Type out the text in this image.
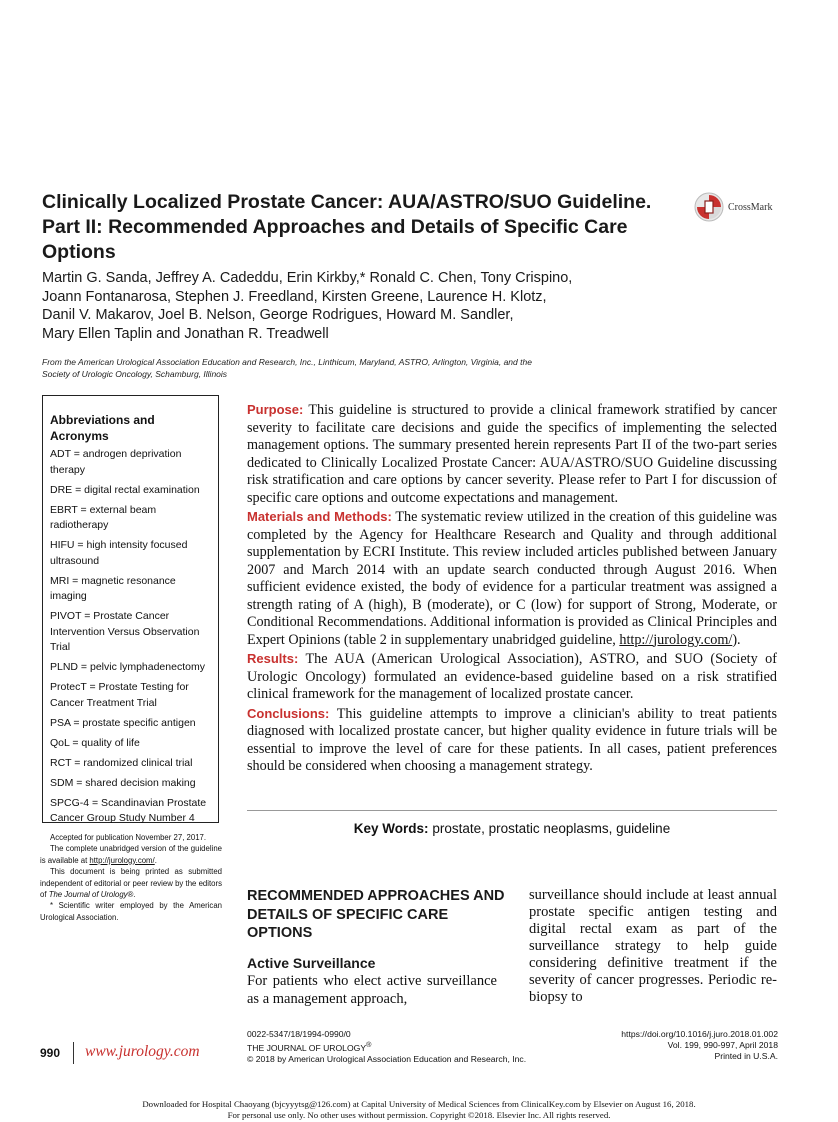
Clinically Localized Prostate Cancer: AUA/ASTRO/SUO Guideline.
Part II: Recommended Approaches and Details of Specific Care
Options
CrossMark
Martin G. Sanda, Jeffrey A. Cadeddu, Erin Kirkby,* Ronald C. Chen, Tony Crispino,
Joann Fontanarosa, Stephen J. Freedland, Kirsten Greene, Laurence H. Klotz,
Danil V. Makarov, Joel B. Nelson, George Rodrigues, Howard M. Sandler,
Mary Ellen Taplin and Jonathan R. Treadwell
From the American Urological Association Education and Research, Inc., Linthicum, Maryland, ASTRO, Arlington, Virginia, and the
Society of Urologic Oncology, Schamburg, Illinois
Abbreviations and Acronyms
ADT = androgen deprivation therapy
DRE = digital rectal examination
EBRT = external beam radiotherapy
HIFU = high intensity focused ultrasound
MRI = magnetic resonance imaging
PIVOT = Prostate Cancer Intervention Versus Observation Trial
PLND = pelvic lymphadenectomy
ProtecT = Prostate Testing for Cancer Treatment Trial
PSA = prostate specific antigen
QoL = quality of life
RCT = randomized clinical trial
SDM = shared decision making
SPCG-4 = Scandinavian Prostate Cancer Group Study Number 4

Accepted for publication November 27, 2017.

The complete unabridged version of the guideline is available at http://jurology.com/.

This document is being printed as submitted independent of editorial or peer review by the editors of The Journal of Urology®.

* Scientific writer employed by the American Urological Association.

Purpose: This guideline is structured to provide a clinical framework stratified by cancer severity to facilitate care decisions and guide the specifics of implementing the selected management options. The summary presented herein represents Part II of the two-part series dedicated to Clinically Localized Prostate Cancer: AUA/ASTRO/SUO Guideline discussing risk stratification and care options by cancer severity. Please refer to Part I for discussion of specific care options and outcome expectations and management.

Materials and Methods: The systematic review utilized in the creation of this guideline was completed by the Agency for Healthcare Research and Quality and through additional supplementation by ECRI Institute. This review included articles published between January 2007 and March 2014 with an update search conducted through August 2016. When sufficient evidence existed, the body of evidence for a particular treatment was assigned a strength rating of A (high), B (moderate), or C (low) for support of Strong, Moderate, or Conditional Recommendations. Additional information is provided as Clinical Principles and Expert Opinions (table 2 in supplementary unabridged guideline, http://jurology.com/).

Results: The AUA (American Urological Association), ASTRO, and SUO (Society of Urologic Oncology) formulated an evidence-based guideline based on a risk stratified clinical framework for the management of localized prostate cancer.

Conclusions: This guideline attempts to improve a clinician's ability to treat patients diagnosed with localized prostate cancer, but higher quality evidence in future trials will be essential to improve the level of care for these patients. In all cases, patient preferences should be considered when choosing a management strategy.

Key Words: prostate, prostatic neoplasms, guideline
RECOMMENDED APPROACHES AND DETAILS OF SPECIFIC CARE OPTIONS
Active Surveillance
For patients who elect active surveillance as a management approach,
surveillance should include at least annual prostate specific antigen testing and digital rectal exam as part of the surveillance strategy to help guide considering definitive treatment if the severity of cancer progresses. Periodic re-biopsy to
990 www.jurology.com
0022-5347/18/1994-0990/0
THE JOURNAL OF UROLOGY®
© 2018 by American Urological Association Education and Research, Inc.
https://doi.org/10.1016/j.juro.2018.01.002
Vol. 199, 990-997, April 2018
Printed in U.S.A.
Downloaded for Hospital Chaoyang (bjcyyytsg@126.com) at Capital University of Medical Sciences from ClinicalKey.com by Elsevier on August 16, 2018.
For personal use only. No other uses without permission. Copyright ©2018. Elsevier Inc. All rights reserved.
